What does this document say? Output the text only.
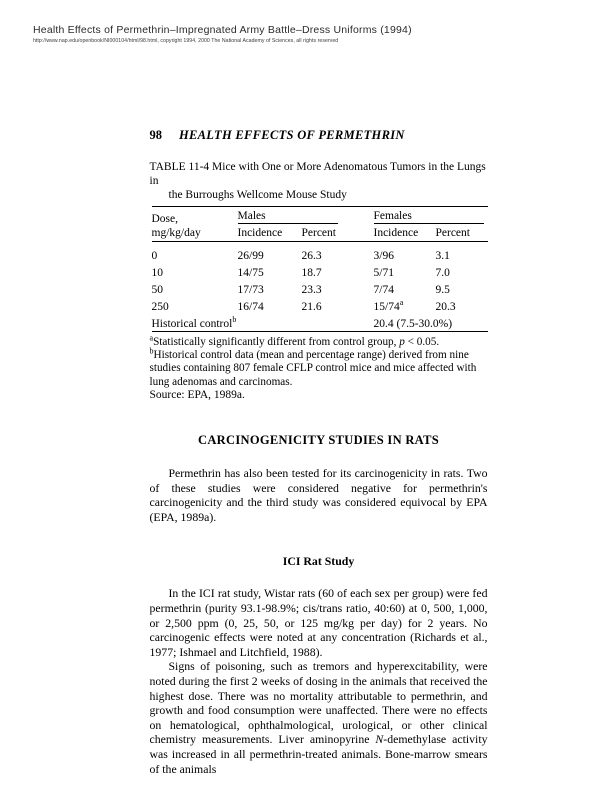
Health Effects of Permethrin–Impregnated Army Battle–Dress Uniforms (1994)
http://www.nap.edu/openbook/NI000104/html/98.html, copyright 1994, 2000 The National Academy of Sciences, all rights reserved
98 HEALTH EFFECTS OF PERMETHRIN
TABLE 11-4 Mice with One or More Adenomatous Tumors in the Lungs in
the Burroughs Wellcome Mouse Study

Dose,	Males		Females	
mg/kg/day	Incidence	Percent	Incidence	Percent

0	26/99	26.3	3/96	3.1
10	14/75	18.7	5/71	7.0
50	17/73	23.3	7/74	9.5
250	16/74	21.6	15/74$^a$	20.3
Historical control$^b$			20.4 (7.5-30.0%)	

$^a$Statistically significantly different from control group, p < 0.05.

$^b$Historical control data (mean and percentage range) derived from nine studies containing 807 female CFLP control mice and mice affected with lung adenomas and carcinomas.

Source: EPA, 1989a.

CARCINOGENICITY STUDIES IN RATS

Permethrin has also been tested for its carcinogenicity in rats. Two of these studies were considered negative for permethrin's carcinogenicity and the third study was considered equivocal by EPA (EPA, 1989a).

ICI Rat Study

In the ICI rat study, Wistar rats (60 of each sex per group) were fed permethrin (purity 93.1-98.9%; cis/trans ratio, 40:60) at 0, 500, 1,000, or 2,500 ppm (0, 25, 50, or 125 mg/kg per day) for 2 years. No carcinogenic effects were noted at any concentration (Richards et al., 1977; Ishmael and Litchfield, 1988).

Signs of poisoning, such as tremors and hyperexcitability, were noted during the first 2 weeks of dosing in the animals that received the highest dose. There was no mortality attributable to permethrin, and growth and food consumption were unaffected. There were no effects on hematological, ophthalmological, urological, or other clinical chemistry measurements. Liver aminopyrine N-demethylase activity was increased in all permethrin-treated animals. Bone-marrow smears of the animals
